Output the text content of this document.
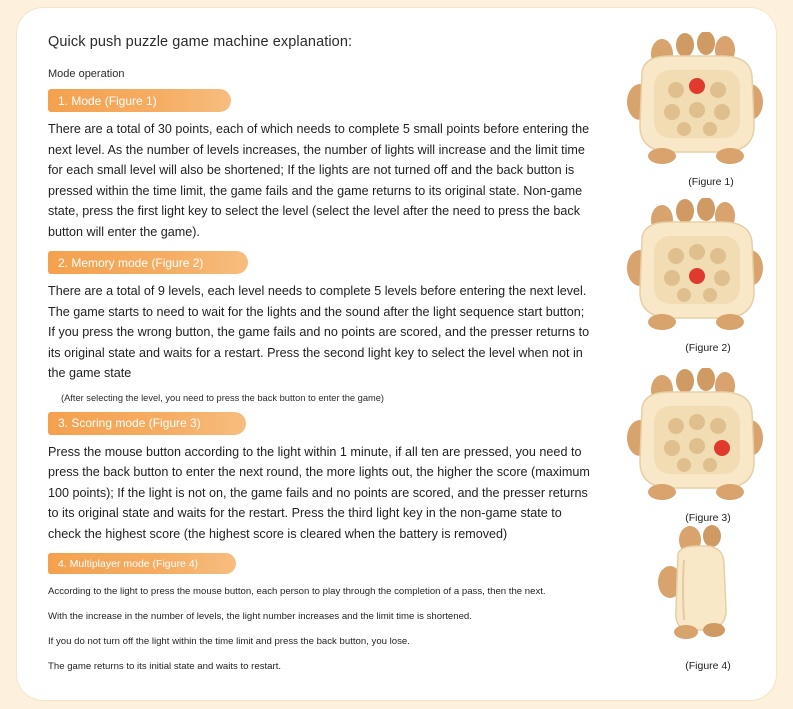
Quick push puzzle game machine explanation:
Mode operation
1. Mode (Figure 1)
There are a total of 30 points, each of which needs to complete 5 small points before entering the next level. As the number of levels increases, the number of lights will increase and the limit time for each small level will also be shortened; If the lights are not turned off and the back button is pressed within the time limit, the game fails and the game returns to its original state. Non-game state, press the first light key to select the level (select the level after the need to press the back button will enter the game).
2. Memory mode (Figure 2)
There are a total of 9 levels, each level needs to complete 5 levels before entering the next level. The game starts to need to wait for the lights and the sound after the light sequence start button; If you press the wrong button, the game fails and no points are scored, and the presser returns to its original state and waits for a restart. Press the second light key to select the level when not in the game state
(After selecting the level, you need to press the back button to enter the game)
3. Scoring mode (Figure 3)
Press the mouse button according to the light within 1 minute, if all ten are pressed, you need to press the back button to enter the next round, the more lights out, the higher the score (maximum 100 points); If the light is not on, the game fails and no points are scored, and the presser returns to its original state and waits for the restart. Press the third light key in the non-game state to check the highest score (the highest score is cleared when the battery is removed)
4. Multiplayer mode (Figure 4)
According to the light to press the mouse button, each person to play through the completion of a pass, then the next.
With the increase in the number of levels, the light number increases and the limit time is shortened.
If you do not turn off the light within the time limit and press the back button, you lose.
The game returns to its initial state and waits to restart.
(Figure 1)
(Figure 2)
(Figure 3)
(Figure 4)
